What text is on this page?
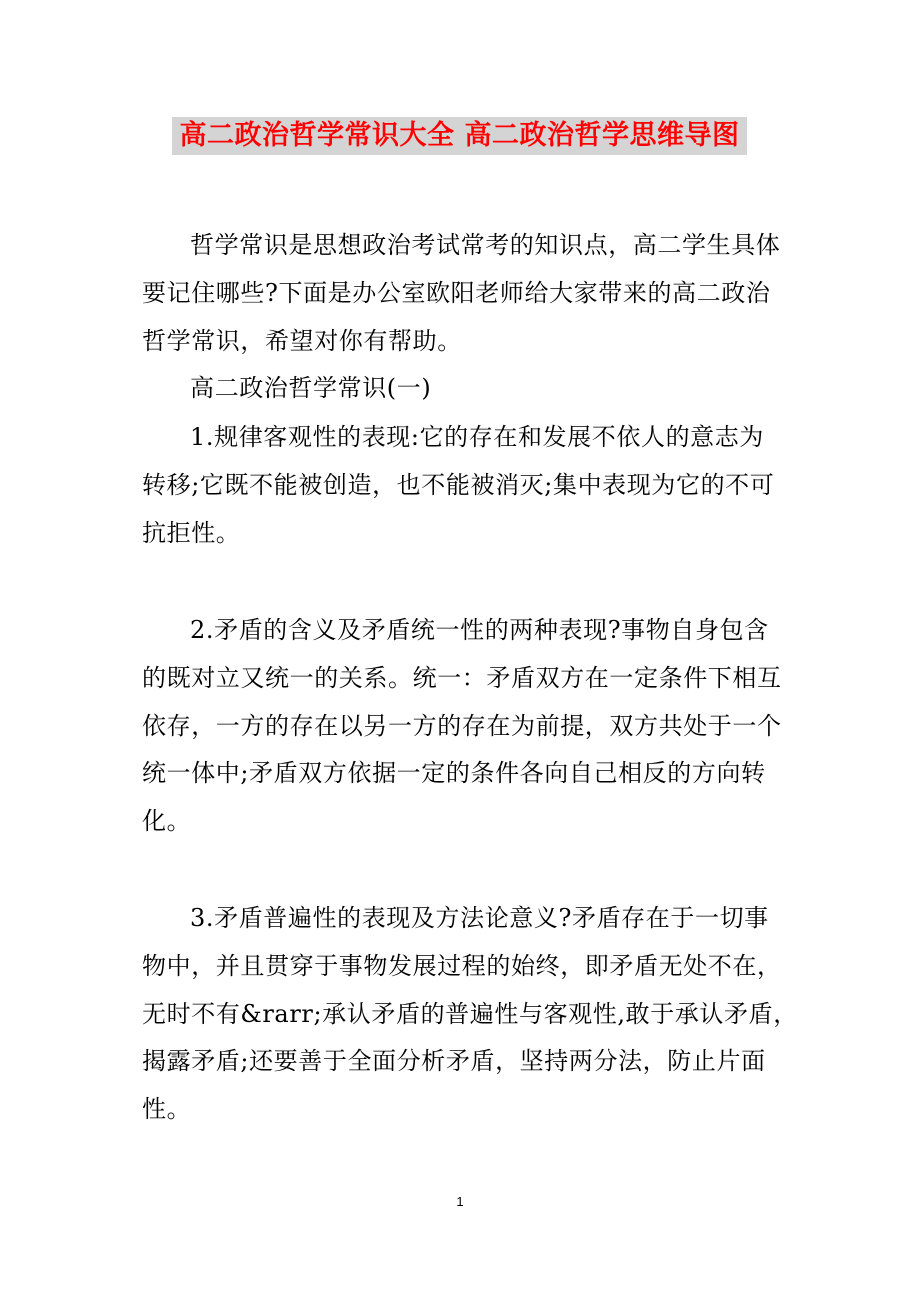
高二政治哲学常识大全 高二政治哲学思维导图
哲学常识是思想政治考试常考的知识点，高二学生具体
要记住哪些?下面是办公室欧阳老师给大家带来的高二政治
哲学常识，希望对你有帮助。
高二政治哲学常识(一)
1.规律客观性的表现:它的存在和发展不依人的意志为
转移;它既不能被创造，也不能被消灭;集中表现为它的不可
抗拒性。
2.矛盾的含义及矛盾统一性的两种表现?事物自身包含
的既对立又统一的关系。统一：矛盾双方在一定条件下相互
依存，一方的存在以另一方的存在为前提，双方共处于一个
统一体中;矛盾双方依据一定的条件各向自己相反的方向转
化。
3.矛盾普遍性的表现及方法论意义?矛盾存在于一切事
物中，并且贯穿于事物发展过程的始终，即矛盾无处不在，
无时不有&rarr;承认矛盾的普遍性与客观性,敢于承认矛盾，
揭露矛盾;还要善于全面分析矛盾，坚持两分法，防止片面
性。
1
